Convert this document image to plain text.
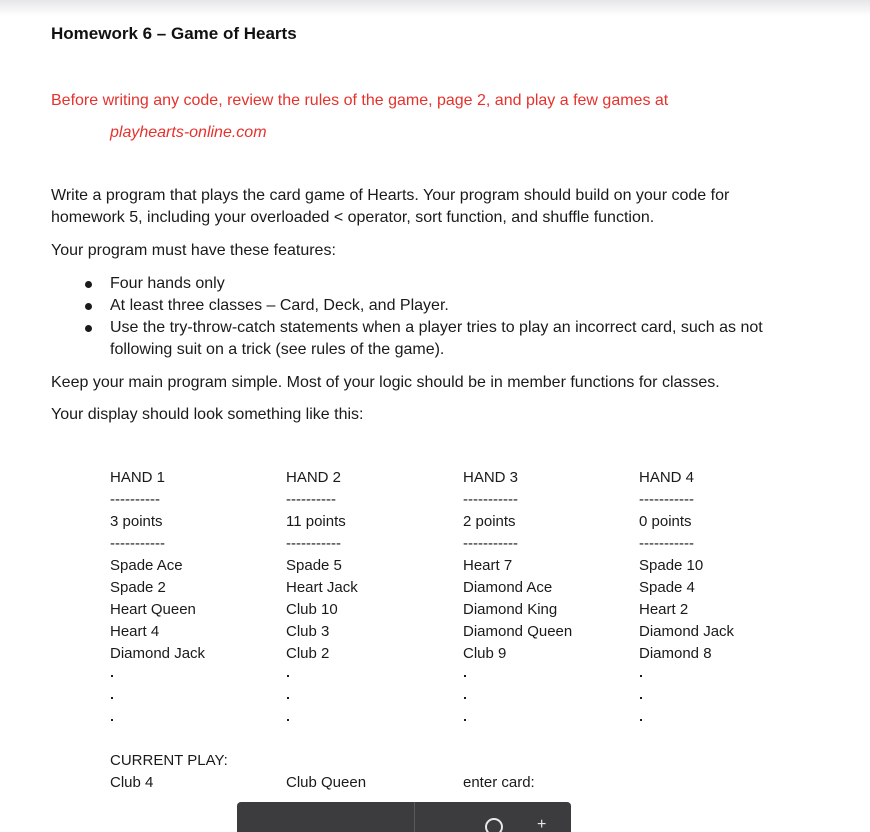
Homework 6 – Game of Hearts
Before writing any code, review the rules of the game, page 2, and play a few games at
playhearts-online.com
Write a program that plays the card game of Hearts. Your program should build on your code for
homework 5, including your overloaded < operator, sort function, and shuffle function.
Your program must have these features:
Four hands only
At least three classes – Card, Deck, and Player.
Use the try-throw-catch statements when a player tries to play an incorrect card, such as not following suit on a trick (see rules of the game).
Keep your main program simple. Most of your logic should be in member functions for classes.
Your display should look something like this:
HAND 1
----------
3 points
-----------
Spade Ace
Spade 2
Heart Queen
Heart 4
Diamond Jack
HAND 2
----------
11 points
-----------
Spade 5
Heart Jack
Club 10
Club 3
Club 2
HAND 3
-----------
2 points
-----------
Heart 7
Diamond Ace
Diamond King
Diamond Queen
Club 9
HAND 4
-----------
0 points
-----------
Spade 10
Spade 4
Heart 2
Diamond Jack
Diamond 8
CURRENT PLAY:
Club 4	Club Queen	enter card:
+
